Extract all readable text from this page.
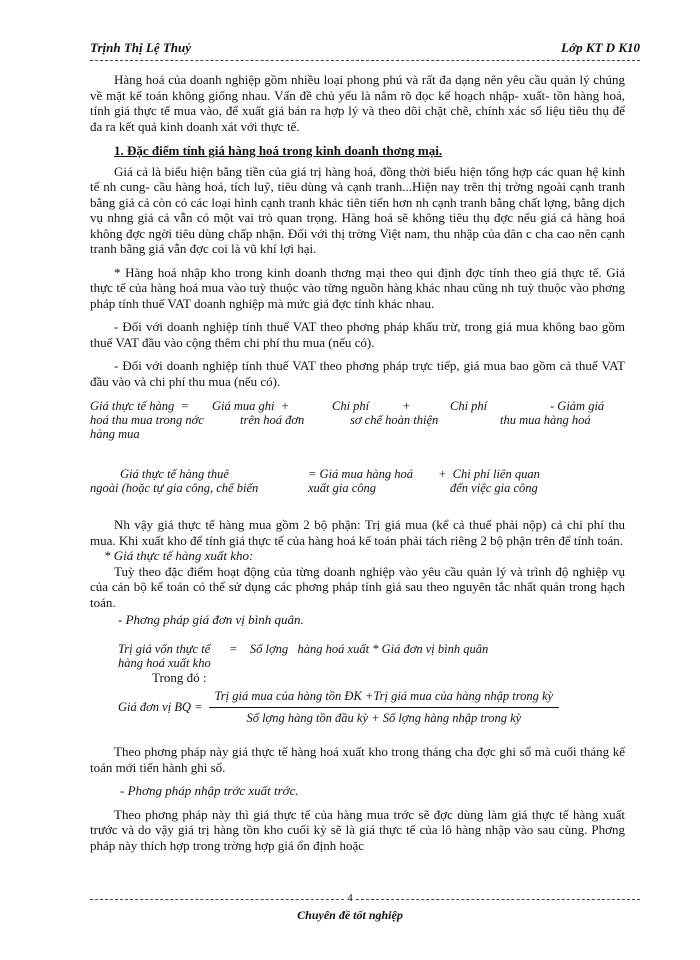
Trịnh Thị Lệ Thuỷ	Lớp KT D K10

Hàng hoá của doanh nghiệp gồm nhiều loại phong phú và rất đa dạng nên yêu cầu quản lý chúng về mặt kế toán không giống nhau. Vấn đề chủ yếu là nắm rõ đọc kế hoạch nhập- xuất- tồn hàng hoá, tính giá thực tế mua vào, để xuất giá bán ra hợp lý và theo dõi chặt chẽ, chính xác số liệu tiêu thụ để đa ra kết quả kinh doanh xát với thực tế.

1. Đặc điểm tính giá hàng hoá trong kinh doanh thơng mại.

Giá cả là biểu hiện bằng tiền của giá trị hàng hoá, đồng thời biểu hiện tổng hợp các quan hệ kinh tế nh cung- cầu hàng hoá, tích luỹ, tiêu dùng và cạnh tranh...Hiện nay trên thị trờng ngoài cạnh tranh bằng giá cả còn có các loại hình cạnh tranh khác tiên tiến hơn nh cạnh tranh bằng chất lợng, bằng dịch vụ nhng giá cả vẫn có một vai trò quan trọng. Hàng hoá sẽ không tiêu thụ đợc nếu giá cả hàng hoá không đợc ngời tiêu dùng chấp nhận. Đối với thị trờng Việt nam, thu nhập của dân c cha cao nên cạnh tranh bằng giá vẫn đợc coi là vũ khí lợi hại.

* Hàng hoá nhập kho trong kinh doanh thơng mại theo qui định đợc tính theo giá thực tế. Giá thực tế của hàng hoá mua vào tuỳ thuộc vào từng nguồn hàng khác nhau cũng nh tuỳ thuộc vào phơng pháp tính thuế VAT doanh nghiệp mà mức giá đợc tính khác nhau.

- Đối với doanh nghiệp tính thuế VAT theo phơng pháp khấu trừ, trong giá mua không bao gồm thuế VAT đầu vào cộng thêm chi phí thu mua (nếu có).

- Đối với doanh nghiệp tính thuế VAT theo phơng pháp trực tiếp, giá mua bao gồm cả thuế VAT đầu vào và chi phí thu mua (nếu có).

Giá thực tế hàng  =	Giá mua ghi  +	Chi phí	+	Chi phí	- Giảm giá
hoá thu mua trong nớc	trên hoá đơn	sơ chế hoàn thiện	thu mua hàng hoá
hàng mua
Giá thực tế hàng thuê	= Giá mua hàng hoá	+  Chi phí liên quan
ngoài (hoặc tự gia công, chế biến	xuất gia công	đến việc gia công

Nh vậy giá thực tế hàng mua gồm 2 bộ phận: Trị giá mua (kể cả thuế phải nộp) cả chi phí thu mua. Khi xuất kho để tính giá thực tế của hàng hoá kế toán phải tách riêng 2 bộ phận trên để tính toán.

* Giá thực tế hàng xuất kho:

Tuỳ theo đặc điểm hoạt động của từng doanh nghiệp vào yêu cầu quản lý và trình độ nghiệp vụ của cán bộ kế toán có thể sử dụng các phơng pháp tính giá sau theo nguyên tắc nhất quán trong hạch toán.

- Phơng pháp giá đơn vị bình quân.

Trị giá vốn thực tế      =    Số lợng   hàng hoá xuất * Giá đơn vị bình quân
hàng hoá xuất kho

Trong đó :

Giá đơn vị BQ =
Trị giá mua của hàng tồn ĐK +Trị giá mua của hàng nhập trong kỳ
Số lợng hàng tồn đầu kỳ + Số lợng hàng nhập trong kỳ

Theo phơng pháp này giá thực tế hàng hoá xuất kho trong tháng cha đợc ghi sổ mà cuối tháng kế toán mới tiến hành ghi sổ.

- Phơng pháp nhập trớc xuất trớc.

Theo phơng pháp này thì giá thực tế của hàng mua trớc sẽ đợc dùng làm giá thực tế hàng xuất trước và do vậy giá trị hàng tồn kho cuối kỳ sẽ là giá thực tế của lô hàng nhập vào sau cùng. Phơng pháp này thích hợp trong trờng hợp giá ổn định hoặc

4
Chuyên đề tốt nghiệp
